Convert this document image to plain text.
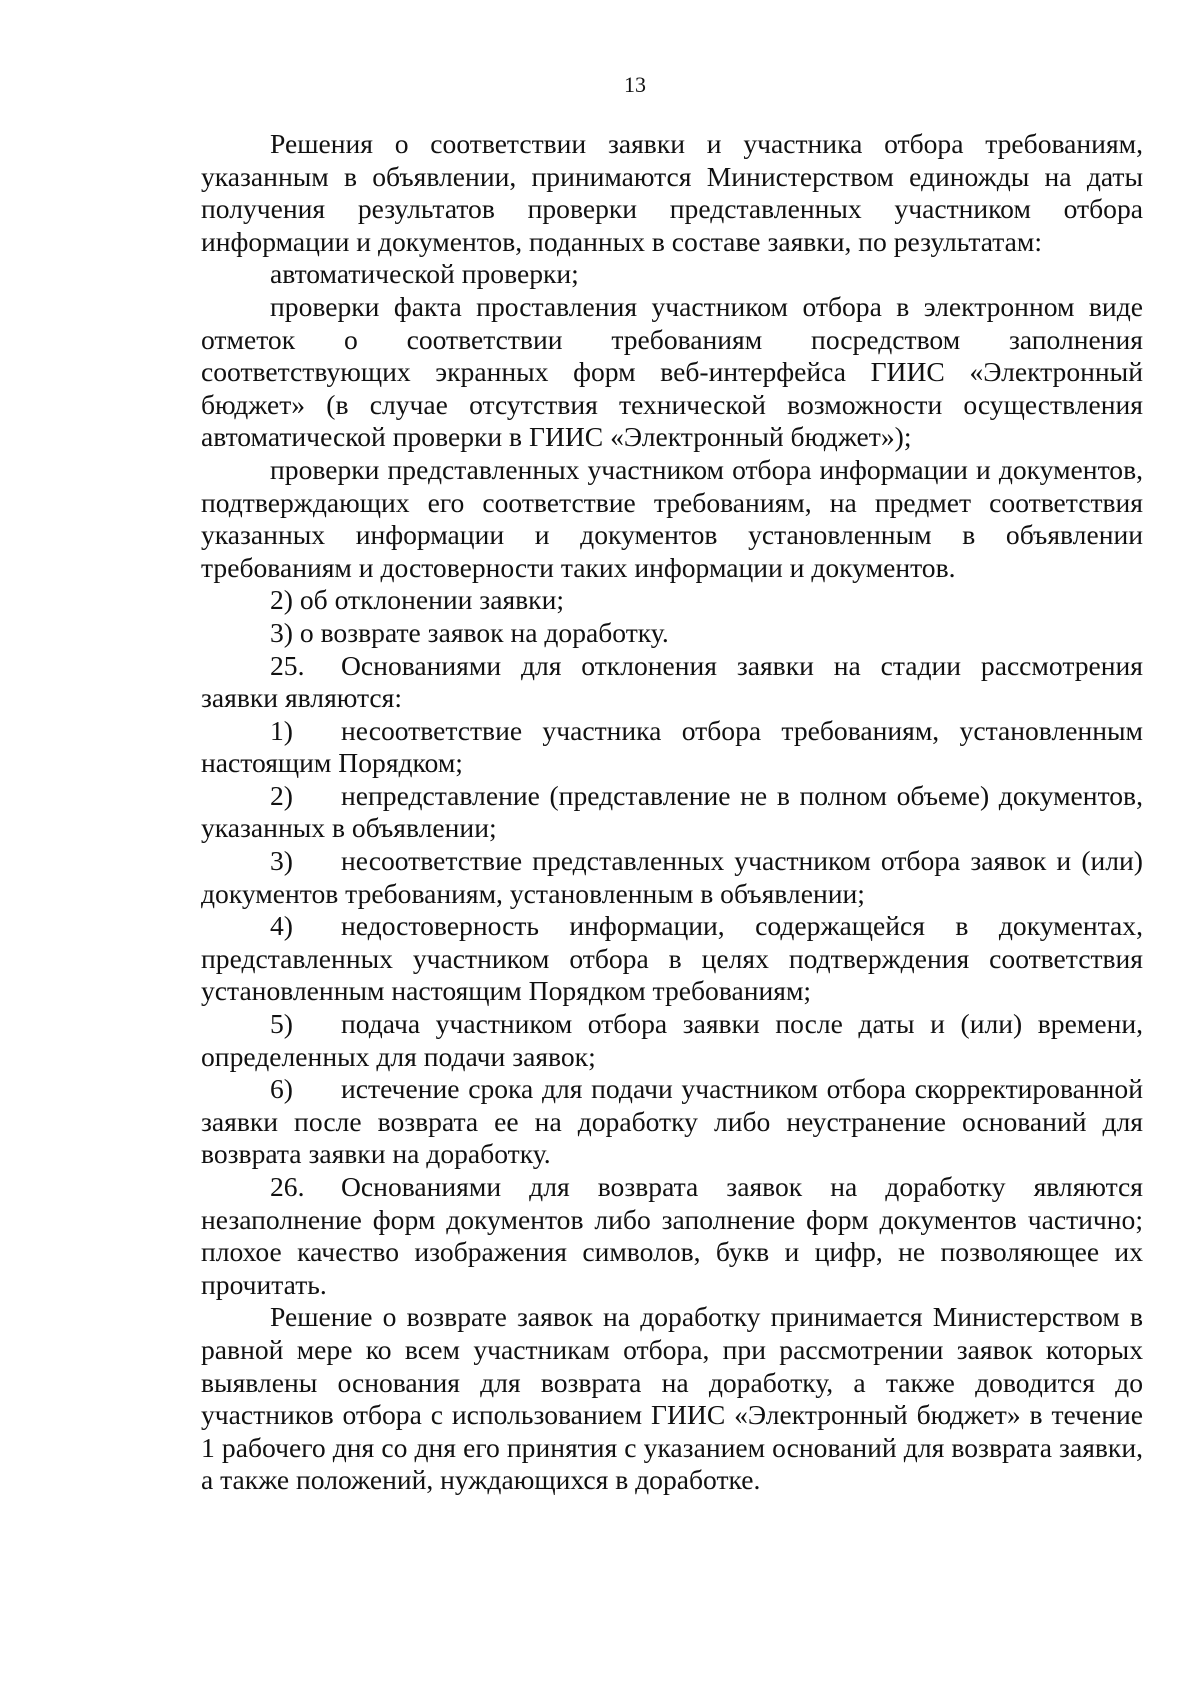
13

Решения о соответствии заявки и участника отбора требованиям, указанным в объявлении, принимаются Министерством единожды на даты получения результатов проверки представленных участником отбора информации и документов, поданных в составе заявки, по результатам:

автоматической проверки;

проверки факта проставления участником отбора в электронном виде отметок о соответствии требованиям посредством заполнения соответствующих экранных форм веб-интерфейса ГИИС «Электронный бюджет» (в случае отсутствия технической возможности осуществления автоматической проверки в ГИИС «Электронный бюджет»);

проверки представленных участником отбора информации и документов, подтверждающих его соответствие требованиям, на предмет соответствия указанных информации и документов установленным в объявлении требованиям и достоверности таких информации и документов.

2) об отклонении заявки;

3) о возврате заявок на доработку.

25. Основаниями для отклонения заявки на стадии рассмотрения заявки являются:

1) несоответствие участника отбора требованиям, установленным настоящим Порядком;

2) непредставление (представление не в полном объеме) документов, указанных в объявлении;

3) несоответствие представленных участником отбора заявок и (или) документов требованиям, установленным в объявлении;

4) недостоверность информации, содержащейся в документах, представленных участником отбора в целях подтверждения соответствия установленным настоящим Порядком требованиям;

5) подача участником отбора заявки после даты и (или) времени, определенных для подачи заявок;

6) истечение срока для подачи участником отбора скорректированной заявки после возврата ее на доработку либо неустранение оснований для возврата заявки на доработку.

26. Основаниями для возврата заявок на доработку являются незаполнение форм документов либо заполнение форм документов частично; плохое качество изображения символов, букв и цифр, не позволяющее их прочитать.

Решение о возврате заявок на доработку принимается Министерством в равной мере ко всем участникам отбора, при рассмотрении заявок которых выявлены основания для возврата на доработку, а также доводится до участников отбора с использованием ГИИС «Электронный бюджет» в течение 1 рабочего дня со дня его принятия с указанием оснований для возврата заявки, а также положений, нуждающихся в доработке.
